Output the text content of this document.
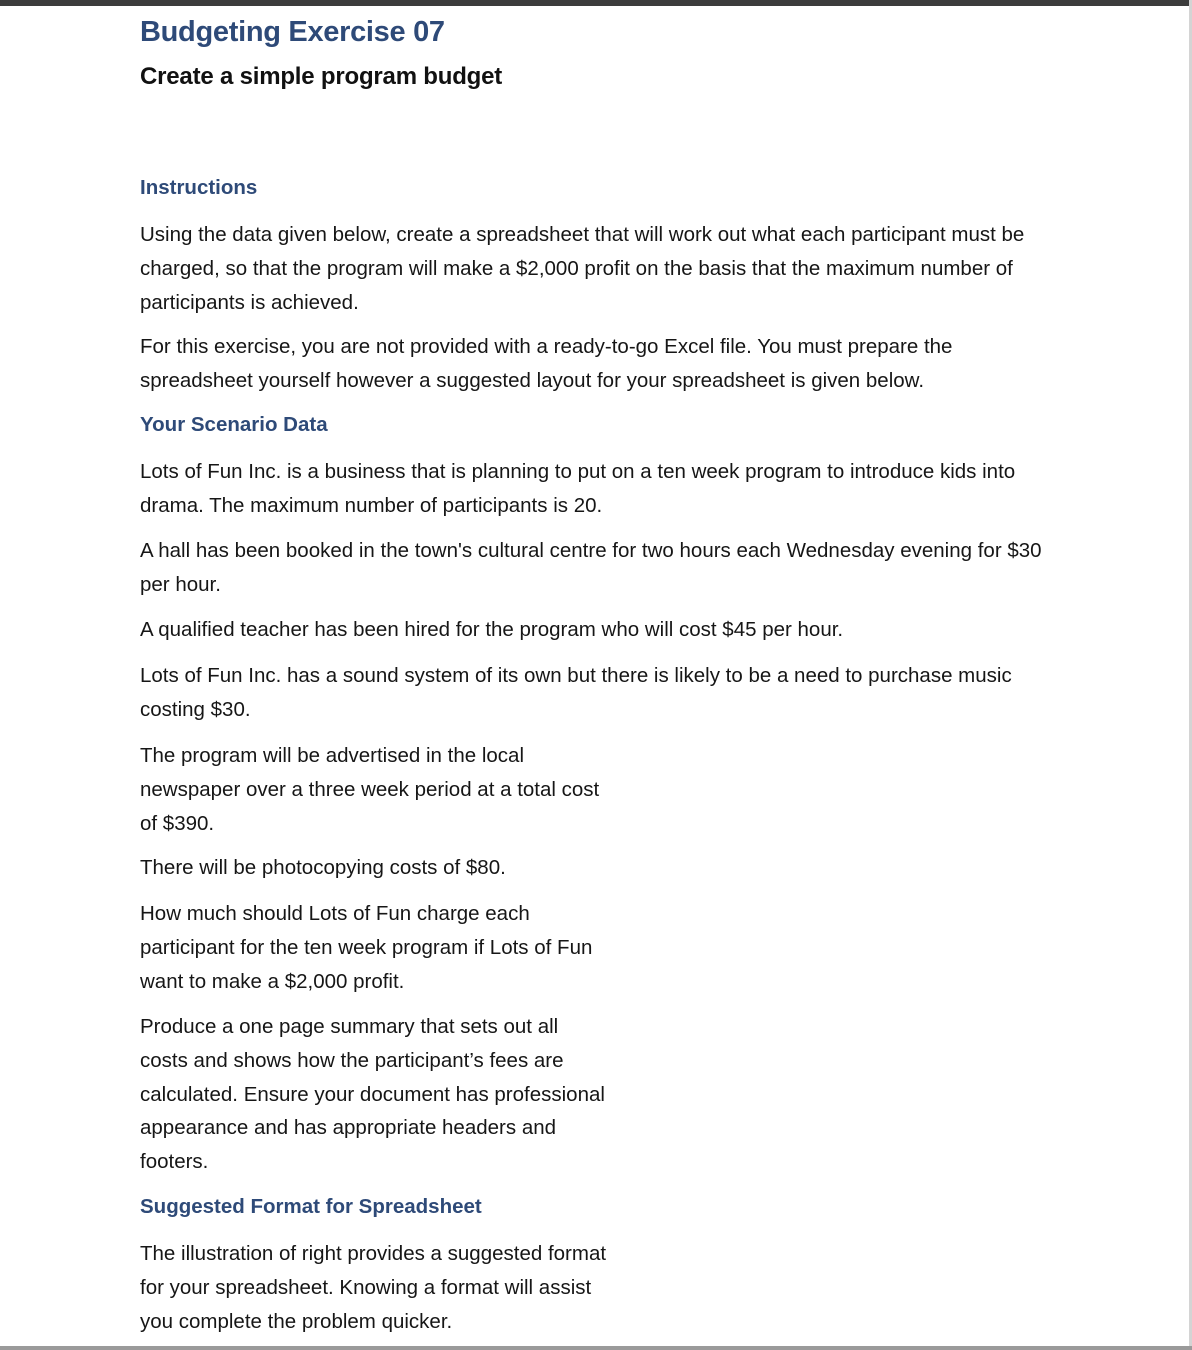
Budgeting Exercise 07
Create a simple program budget
Instructions

Using the data given below, create a spreadsheet that will work out what each participant must be charged, so that the program will make a $2,000 profit on the basis that the maximum number of participants is achieved.

For this exercise, you are not provided with a ready-to-go Excel file. You must prepare the spreadsheet yourself however a suggested layout for your spreadsheet is given below.

Your Scenario Data

Lots of Fun Inc. is a business that is planning to put on a ten week program to introduce kids into drama. The maximum number of participants is 20.

A hall has been booked in the town's cultural centre for two hours each Wednesday evening for $30 per hour.

A qualified teacher has been hired for the program who will cost $45 per hour.

Lots of Fun Inc. has a sound system of its own but there is likely to be a need to purchase music costing $30.

The program will be advertised in the local newspaper over a three week period at a total cost of $390.

There will be photocopying costs of $80.

How much should Lots of Fun charge each participant for the ten week program if Lots of Fun want to make a $2,000 profit.

Produce a one page summary that sets out all costs and shows how the participant’s fees are calculated. Ensure your document has professional appearance and has appropriate headers and footers.

Suggested Format for Spreadsheet

The illustration of right provides a suggested format for your spreadsheet. Knowing a format will assist you complete the problem quicker.
